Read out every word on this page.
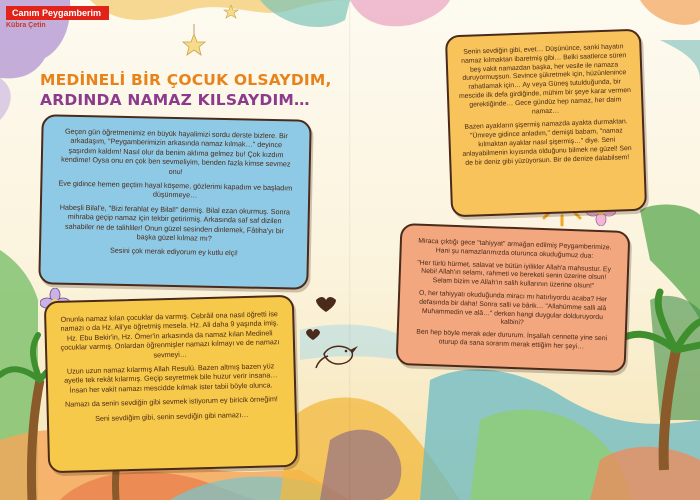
Canım Peygamberim
Kübra Çetin
MEDİNELİ BİR ÇOCUK OLSAYDIM,
ARDINDA NAMAZ KILSAYDIM…

Geçen gün öğretmenimiz en büyük hayalimizi sordu derste bizlere. Bir arkadaşım, "Peygamberimizin arkasında namaz kılmak…" deyince şaşırdım kaldım! Nasıl olur da benim aklıma gelmez bu! Çok kızdım kendime! Oysa onu en çok ben sevmeliyim, benden fazla kimse sevmez onu!

Eve gidince hemen geçtim hayal köşeme, gözlerimi kapadım ve başladım düşünmeye…

Habeşli Bilal'e, "Bizi ferahlat ey Bilal!" dermiş. Bilal ezan okurmuş. Sonra mihraba geçip namaz için tekbir getirirmiş. Arkasında saf saf dizilen sahabiler ne de talihliler! Onun güzel sesinden dinlemek, Fâtiha'yı bir başka güzel kılmaz mı?

Sesini çok merak ediyorum ey kutlu elçi!

Onunla namaz kılan çocuklar da varmış. Cebrâil ona nasıl öğretti ise namazı o da Hz. Ali'ye öğretmiş mesela. Hz. Ali daha 9 yaşında imiş. Hz. Ebu Bekir'in, Hz. Ömer'in arkasında da namaz kılan Medineli çocuklar varmış. Onlardan öğrenmişler namazı kılmayı ve de namazı sevmeyi…

Uzun uzun namaz kılarmış Allah Resulü. Bazen altmış bazen yüz ayetle tek rekât kılarmış. Geçip seyretmek bile huzur verir insana… İnsan her vakit namazı mescidde kılmak ister tabii böyle olunca.

Namazı da senin sevdiğin gibi sevmek istiyorum ey biricik örneğim!

Seni sevdiğim gibi, senin sevdiğin gibi namazı…

Senin sevdiğin gibi, evet… Düşününce, sanki hayatın namaz kılmaktan ibaretmiş gibi… Belki saatlerce süren beş vakit namazdan başka, her vesile ile namaza duruyormuşsun. Sevince şükretmek için, hüzünlenince rahatlamak için… Ay veya Güneş tutulduğunda, bir mescide ilk defa girdiğinde, mühim bir şeye karar vermen gerektiğinde… Gece gündüz hep namaz, her daim namaz…

Bazen ayakların şişermiş namazda ayakta durmaktan. "Ümreye gidince anladım," demişti babam, "namaz kılmaktan ayaklar nasıl şişermiş…" diye. Seni anlayabilmenin kıyısında olduğunu bilmek ne güzel! Sen de bir deniz gibi yüzüyorsun. Bir de denize dalabilsem!

Miraca çıktığı gece "tahiyyat" armağan edilmiş Peygamberimize. Hani şu namazlarımızda oturunca okuduğumuz dua:

"Her türlü hürmet, salavat ve bütün iyilikler Allah'a mahsustur. Ey Nebi! Allah'ın selamı, rahmeti ve bereketi senin üzerine olsun! Selam bizim ve Allah'ın salih kullarının üzerine olsun!"

O, her tahiyyatı okuduğunda miracı mı hatırlıyordu acaba? Her defasında bir daha! Sonra salli ve bârik… "Allahümme salli alâ Muhammedin ve alâ…" derken hangi duygular dolduruyordu kalbini?

Ben hep böyle merak eder dururum. İnşallah cennette yine seni oturup da sana sorarım merak ettiğim her şeyi…
